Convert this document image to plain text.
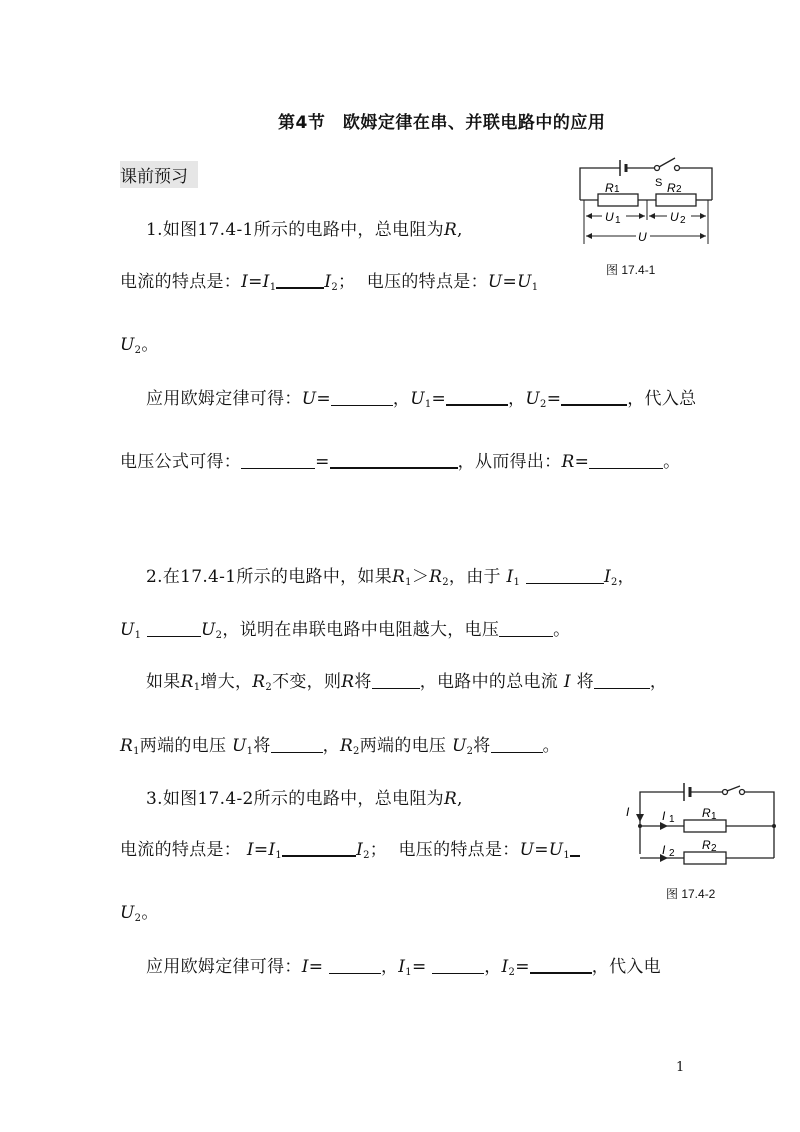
第4节　欧姆定律在串、并联电路中的应用
课前预习	S
R 1	R 2
U 1	U 2
U
图 17.4-1
1.如图17.4-1所示的电路中，总电阻为R,
电流的特点是：$I=I_1$	$I_2$；  电压的特点是：$U=U_1$
$U_2$。
应用欧姆定律可得：U=	，$U_1=$	，$U_2=$	，代入总
电压公式可得：	=	，从而得出：R=	。
2.在17.4-1所示的电路中，如果$R_1>R_2$，由于 $I_1$	$I_2$，
$U_1$	$U_2$，说明在串联电路中电阻越大，电压	。
如果$R_1$增大，$R_2$不变，则R将	，电路中的总电流 I 将	，
$R_1$两端的电压 $U_1$将	，$R_2$两端的电压 $U_2$将	。
I	I 1 R 1
I 2
R 2
图 17.4-2
3.如图17.4-2所示的电路中，总电阻为R,
电流的特点是： $I=I_1$	$I_2$；  电压的特点是：$U=U_1$
$U_2$。
应用欧姆定律可得：I=	，$I_1=$	，$I_2=$	，代入电
1
